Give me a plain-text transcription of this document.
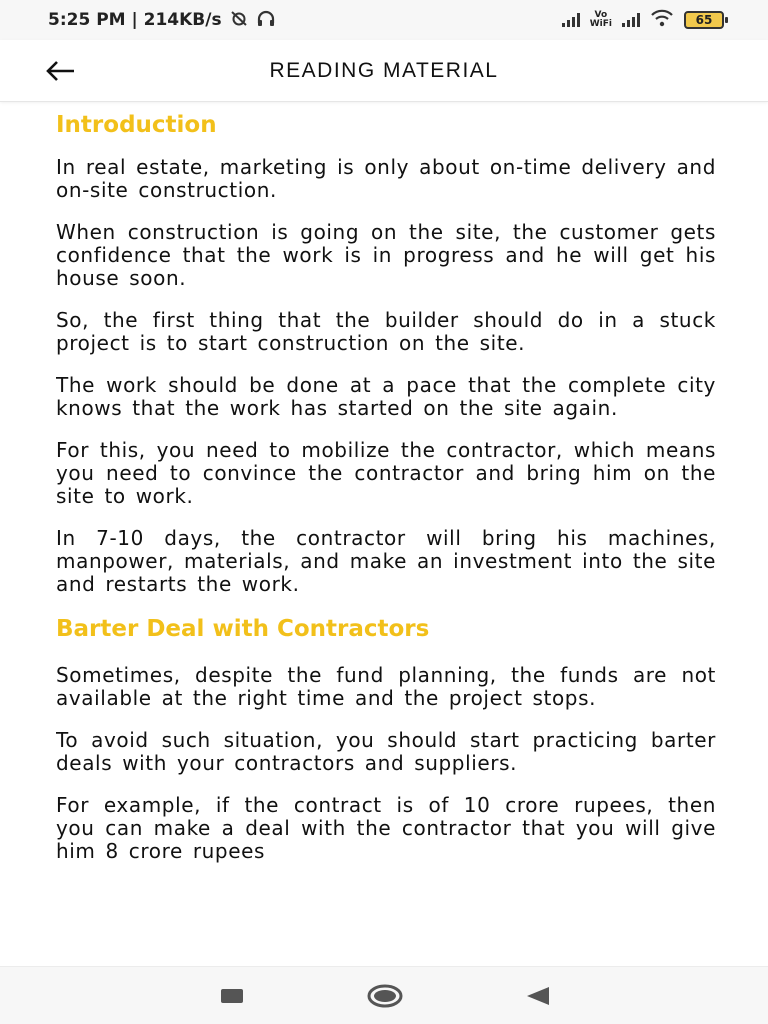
5:25 PM | 214KB/s	Vo
WiFi	65
READING MATERIAL
Introduction

In real estate, marketing is only about on-time delivery and on-site construction.

When construction is going on the site, the customer gets confidence that the work is in progress and he will get his house soon.

So, the first thing that the builder should do in a stuck project is to start construction on the site.

The work should be done at a pace that the complete city knows that the work has started on the site again.

For this, you need to mobilize the contractor, which means you need to convince the contractor and bring him on the site to work.

In 7-10 days, the contractor will bring his machines, manpower, materials, and make an investment into the site and restarts the work.

Barter Deal with Contractors

Sometimes, despite the fund planning, the funds are not available at the right time and the project stops.

To avoid such situation, you should start practicing barter deals with your contractors and suppliers.

For example, if the contract is of 10 crore rupees, then you can make a deal with the contractor that you will give him 8 crore rupees
